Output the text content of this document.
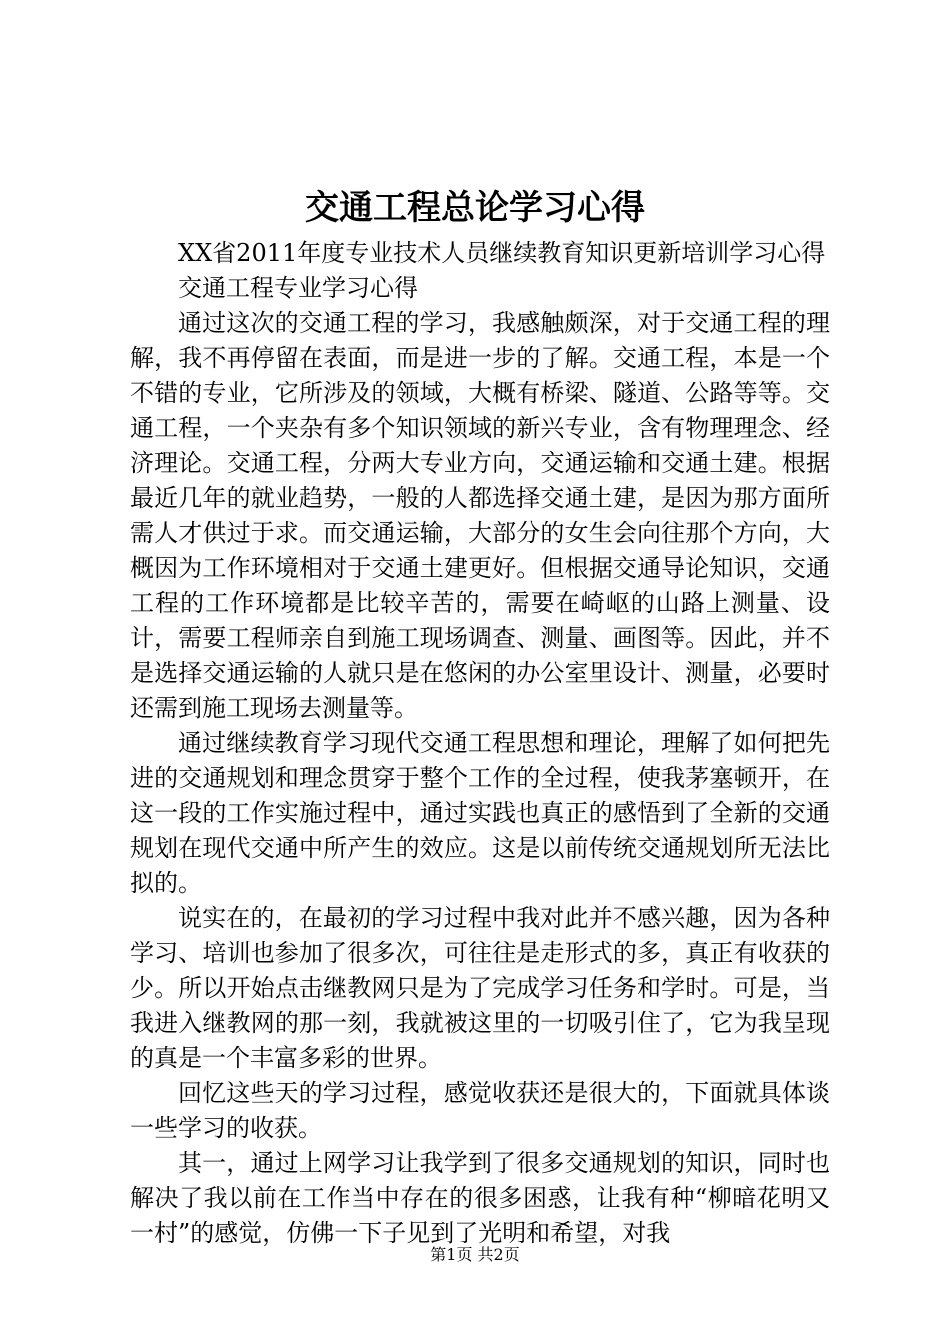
交通工程总论学习心得

XX省2011年度专业技术人员继续教育知识更新培训学习心得

交通工程专业学习心得

通过这次的交通工程的学习，我感触颇深，对于交通工程的理解，我不再停留在表面，而是进一步的了解。交通工程，本是一个不错的专业，它所涉及的领域，大概有桥梁、隧道、公路等等。交通工程，一个夹杂有多个知识领域的新兴专业，含有物理理念、经济理论。交通工程，分两大专业方向，交通运输和交通土建。根据最近几年的就业趋势，一般的人都选择交通土建，是因为那方面所需人才供过于求。而交通运输，大部分的女生会向往那个方向，大概因为工作环境相对于交通土建更好。但根据交通导论知识，交通工程的工作环境都是比较辛苦的，需要在崎岖的山路上测量、设计，需要工程师亲自到施工现场调查、测量、画图等。因此，并不是选择交通运输的人就只是在悠闲的办公室里设计、测量，必要时还需到施工现场去测量等。

通过继续教育学习现代交通工程思想和理论，理解了如何把先进的交通规划和理念贯穿于整个工作的全过程，使我茅塞顿开，在这一段的工作实施过程中，通过实践也真正的感悟到了全新的交通规划在现代交通中所产生的效应。这是以前传统交通规划所无法比拟的。

说实在的，在最初的学习过程中我对此并不感兴趣，因为各种学习、培训也参加了很多次，可往往是走形式的多，真正有收获的少。所以开始点击继教网只是为了完成学习任务和学时。可是，当我进入继教网的那一刻，我就被这里的一切吸引住了，它为我呈现的真是一个丰富多彩的世界。

回忆这些天的学习过程，感觉收获还是很大的，下面就具体谈一些学习的收获。

其一，通过上网学习让我学到了很多交通规划的知识，同时也解决了我以前在工作当中存在的很多困惑，让我有种“柳暗花明又一村”的感觉，仿佛一下子见到了光明和希望，对我

第1页 共2页
